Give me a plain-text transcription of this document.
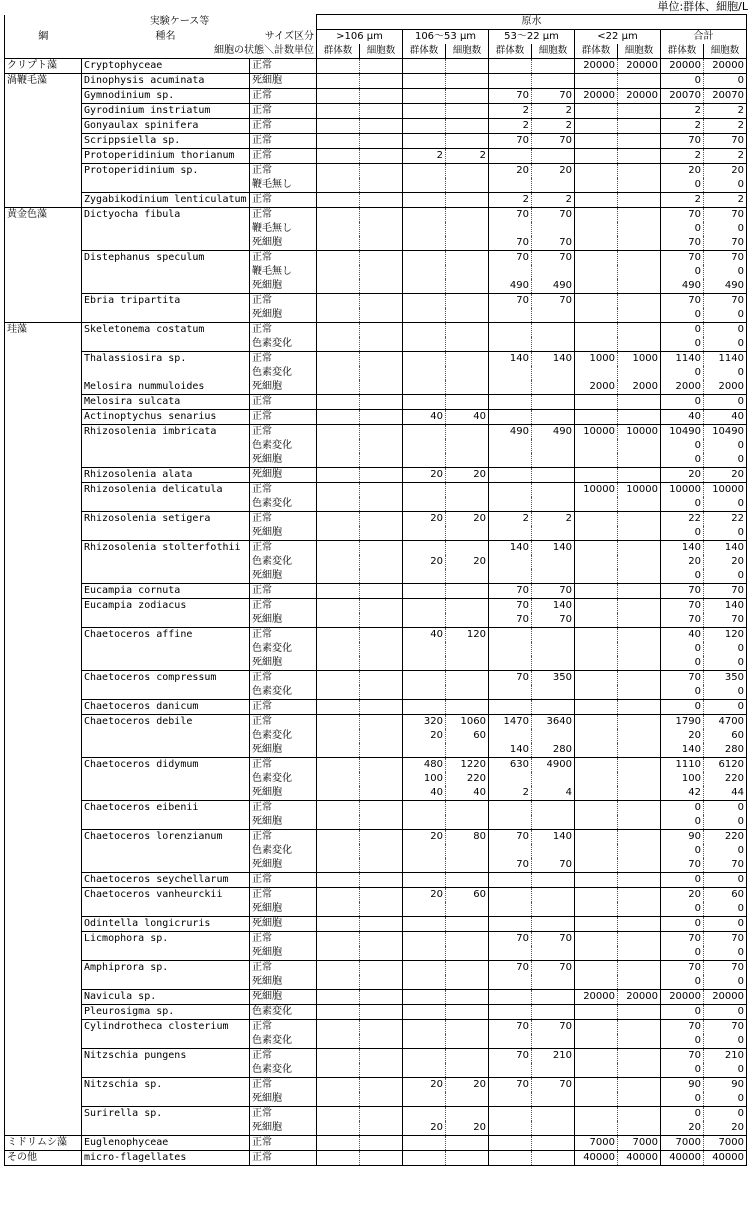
単位:群体、細胞/L
実験ケース等			原水									
綱	種名	サイズ区分	>106 μm		106～53 μm		53～22 μm		<22 μm		合計	
細胞の状態＼計数単位			群体数	細胞数	群体数	細胞数	群体数	細胞数	群体数	細胞数	群体数	細胞数
クリプト藻	Cryptophyceae	正常							20000	20000	20000	20000
渦鞭毛藻	Dinophysis acuminata	死細胞									0	0
	Gymnodinium sp.	正常					70	70	20000	20000	20070	20070
	Gyrodinium instriatum	正常					2	2			2	2
	Gonyaulax spinifera	正常					2	2			2	2
	Scrippsiella sp.	正常					70	70			70	70
	Protoperidinium thorianum	正常			2	2					2	2
	Protoperidinium sp.	正常					20	20			20	20
		鞭毛無し									0	0
	Zygabikodinium lenticulatum	正常					2	2			2	2
黄金色藻	Dictyocha fibula	正常					70	70			70	70
		鞭毛無し									0	0
		死細胞					70	70			70	70
	Distephanus speculum	正常					70	70			70	70
		鞭毛無し									0	0
		死細胞					490	490			490	490
	Ebria tripartita	正常					70	70			70	70
		死細胞									0	0
珪藻	Skeletonema costatum	正常									0	0
		色素変化									0	0
	Thalassiosira sp.	正常					140	140	1000	1000	1140	1140
		色素変化									0	0
	Melosira nummuloides	死細胞							2000	2000	2000	2000
	Melosira sulcata	正常									0	0
	Actinoptychus senarius	正常			40	40					40	40
	Rhizosolenia imbricata	正常					490	490	10000	10000	10490	10490
		色素変化									0	0
		死細胞									0	0
	Rhizosolenia alata	死細胞			20	20					20	20
	Rhizosolenia delicatula	正常							10000	10000	10000	10000
		色素変化									0	0
	Rhizosolenia setigera	正常			20	20	2	2			22	22
		死細胞									0	0
	Rhizosolenia stolterfothii	正常					140	140			140	140
		色素変化			20	20					20	20
		死細胞									0	0
	Eucampia cornuta	正常					70	70			70	70
	Eucampia zodiacus	正常					70	140			70	140
		死細胞					70	70			70	70
	Chaetoceros affine	正常			40	120					40	120
		色素変化									0	0
		死細胞									0	0
	Chaetoceros compressum	正常					70	350			70	350
		色素変化									0	0
	Chaetoceros danicum	正常									0	0
	Chaetoceros debile	正常			320	1060	1470	3640			1790	4700
		色素変化			20	60					20	60
		死細胞					140	280			140	280
	Chaetoceros didymum	正常			480	1220	630	4900			1110	6120
		色素変化			100	220					100	220
		死細胞			40	40	2	4			42	44
	Chaetoceros eibenii	正常									0	0
		死細胞									0	0
	Chaetoceros lorenzianum	正常			20	80	70	140			90	220
		色素変化									0	0
		死細胞					70	70			70	70
	Chaetoceros seychellarum	正常									0	0
	Chaetoceros vanheurckii	正常			20	60					20	60
		死細胞									0	0
	Odintella longicruris	死細胞									0	0
	Licmophora sp.	正常					70	70			70	70
		死細胞									0	0
	Amphiprora sp.	正常					70	70			70	70
		死細胞									0	0
	Navicula sp.	死細胞							20000	20000	20000	20000
	Pleurosigma sp.	色素変化									0	0
	Cylindrotheca closterium	正常					70	70			70	70
		色素変化									0	0
	Nitzschia pungens	正常					70	210			70	210
		色素変化									0	0
	Nitzschia sp.	正常			20	20	70	70			90	90
		死細胞									0	0
	Surirella sp.	正常									0	0
		死細胞			20	20					20	20
ミドリムシ藻	Euglenophyceae	正常							7000	7000	7000	7000
その他	micro-flagellates	正常							40000	40000	40000	40000
